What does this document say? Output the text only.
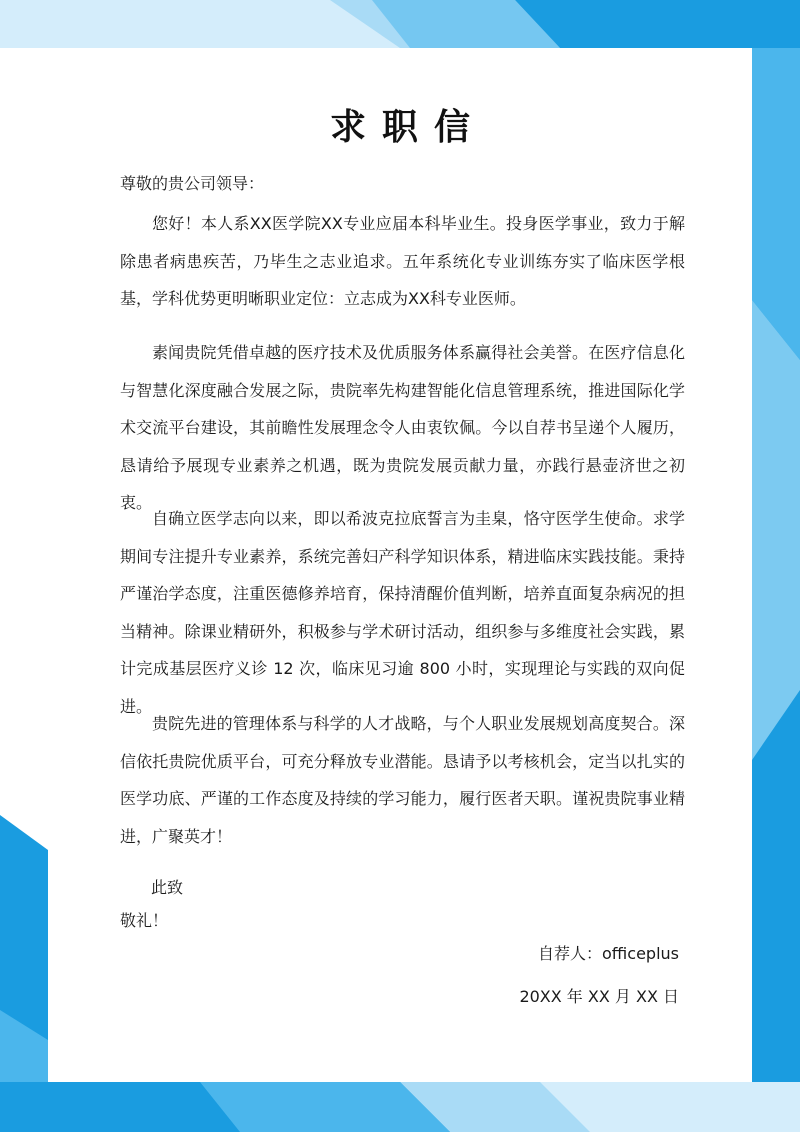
求职信
尊敬的贵公司领导：

您好！本人系XX医学院XX专业应届本科毕业生。投身医学事业，致力于解除患者病患疾苦，乃毕生之志业追求。五年系统化专业训练夯实了临床医学根基，学科优势更明晰职业定位：立志成为XX科专业医师。

素闻贵院凭借卓越的医疗技术及优质服务体系赢得社会美誉。在医疗信息化与智慧化深度融合发展之际，贵院率先构建智能化信息管理系统，推进国际化学术交流平台建设，其前瞻性发展理念令人由衷钦佩。今以自荐书呈递个人履历，恳请给予展现专业素养之机遇，既为贵院发展贡献力量，亦践行悬壶济世之初衷。

自确立医学志向以来，即以希波克拉底誓言为圭臬，恪守医学生使命。求学期间专注提升专业素养，系统完善妇产科学知识体系，精进临床实践技能。秉持严谨治学态度，注重医德修养培育，保持清醒价值判断，培养直面复杂病况的担当精神。除课业精研外，积极参与学术研讨活动，组织参与多维度社会实践，累计完成基层医疗义诊 12 次，临床见习逾 800 小时，实现理论与实践的双向促进。

贵院先进的管理体系与科学的人才战略，与个人职业发展规划高度契合。深信依托贵院优质平台，可充分释放专业潜能。恳请予以考核机会，定当以扎实的医学功底、严谨的工作态度及持续的学习能力，履行医者天职。谨祝贵院事业精进，广聚英才！

此致
敬礼！
自荐人：officeplus
20XX 年 XX 月 XX 日
